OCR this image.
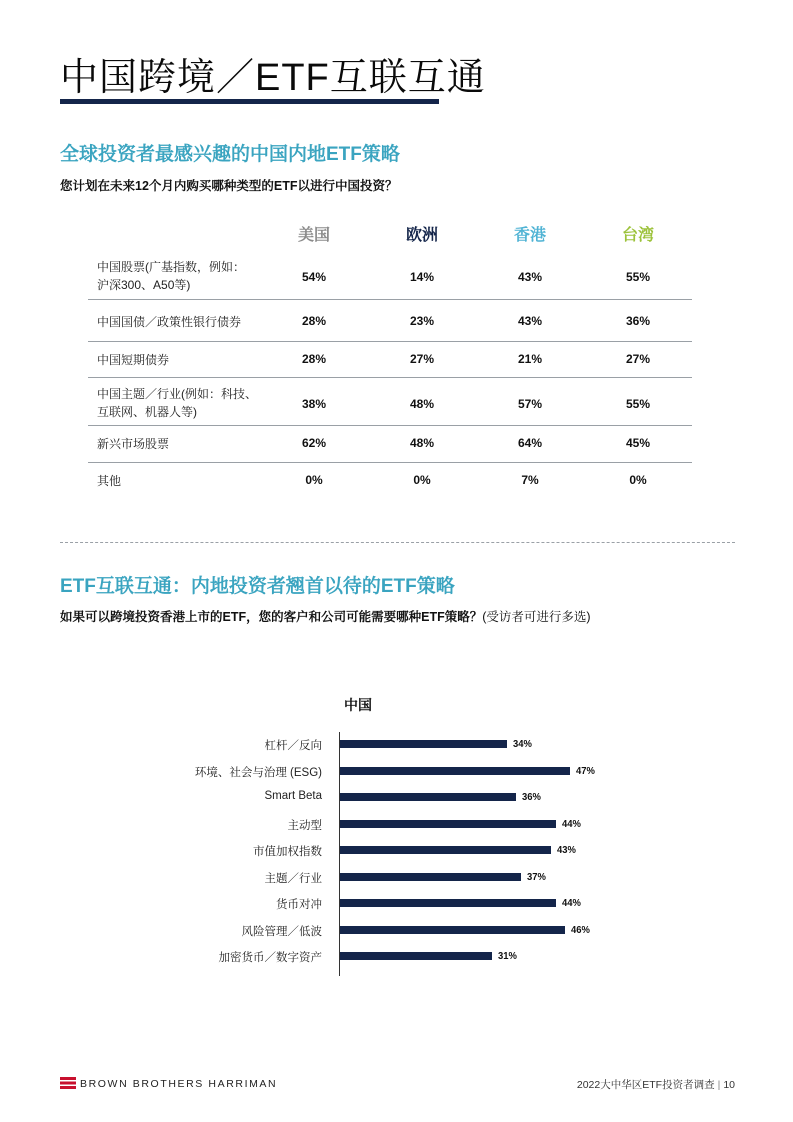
中国跨境／ETF互联互通
全球投资者最感兴趣的中国内地ETF策略
您计划在未来12个月内购买哪种类型的ETF以进行中国投资？
美国	欧洲	香港	台湾
中国股票(广基指数，例如：
沪深300、A50等)
54%	14%	43%	55%
中国国债／政策性银行债券	28%	23%	43%	36%
中国短期债券	28%	27%	21%	27%
中国主题／行业(例如：科技、
互联网、机器人等)
38%	48%	57%	55%
新兴市场股票	62%	48%	64%	45%
其他	0%	0%	7%	0%
ETF互联互通：内地投资者翘首以待的ETF策略
如果可以跨境投资香港上市的ETF，您的客户和公司可能需要哪种ETF策略？(受访者可进行多选)
中国
杠杆／反向	34%
环境、社会与治理 (ESG)	47%
Smart Beta	36%
主动型	44%
市值加权指数	43%
主题／行业	37%
货币对冲	44%
风险管理／低波	46%
加密货币／数字资产	31%
BROWN BROTHERS HARRIMAN	2022大中华区ETF投资者调查 | 10
